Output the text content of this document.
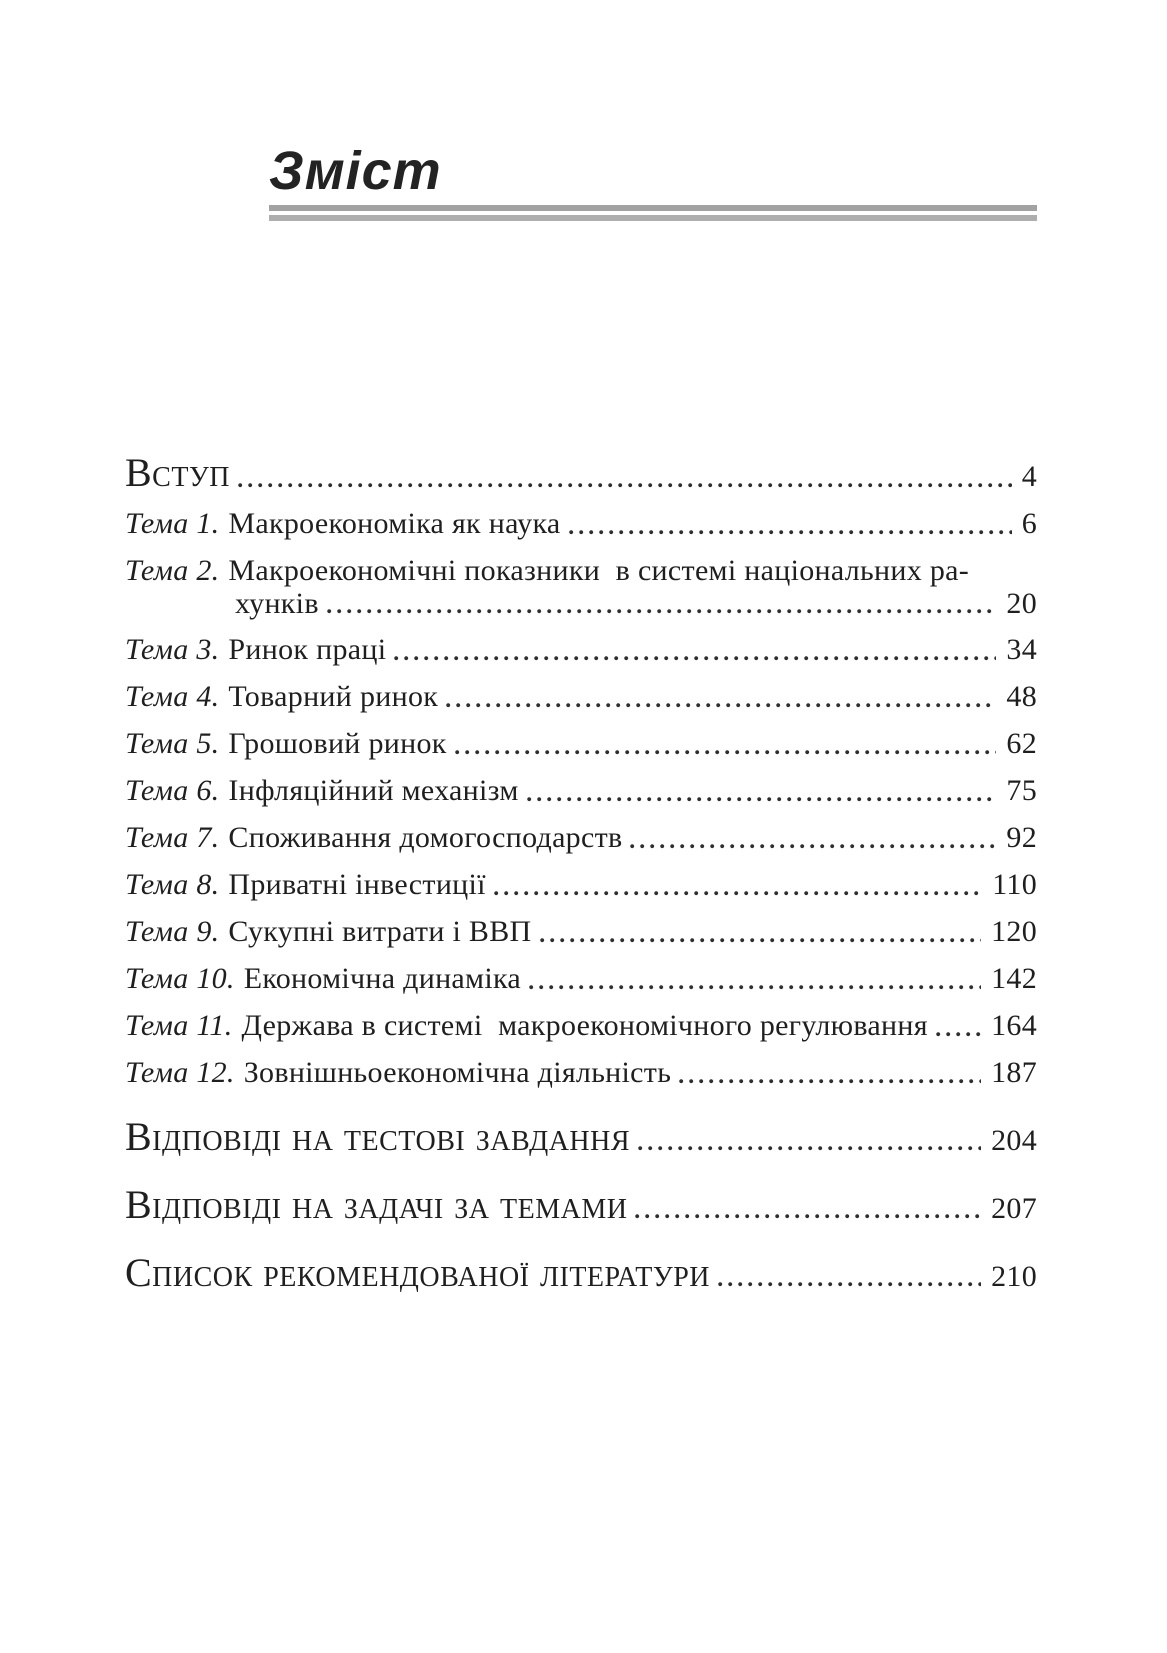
Зміст
Вступ	4
Тема 1. Макроекономіка як наука	6
Тема 2. Макроекономічні показники  в системі національних ра-
хунків	20
Тема 3. Ринок праці	34
Тема 4. Товарний ринок	48
Тема 5. Грошовий ринок	62
Тема 6. Інфляційний механізм	75
Тема 7. Споживання домогосподарств	92
Тема 8. Приватні інвестиції	110
Тема 9. Сукупні витрати і ВВП	120
Тема 10. Економічна динаміка	142
Тема 11. Держава в системі  макроекономічного регулювання 164
Тема 12. Зовнішньоекономічна діяльність	187
Відповіді на тестові завдання	204
Відповіді на задачі за темами	207
Список рекомендованої літератури	210
